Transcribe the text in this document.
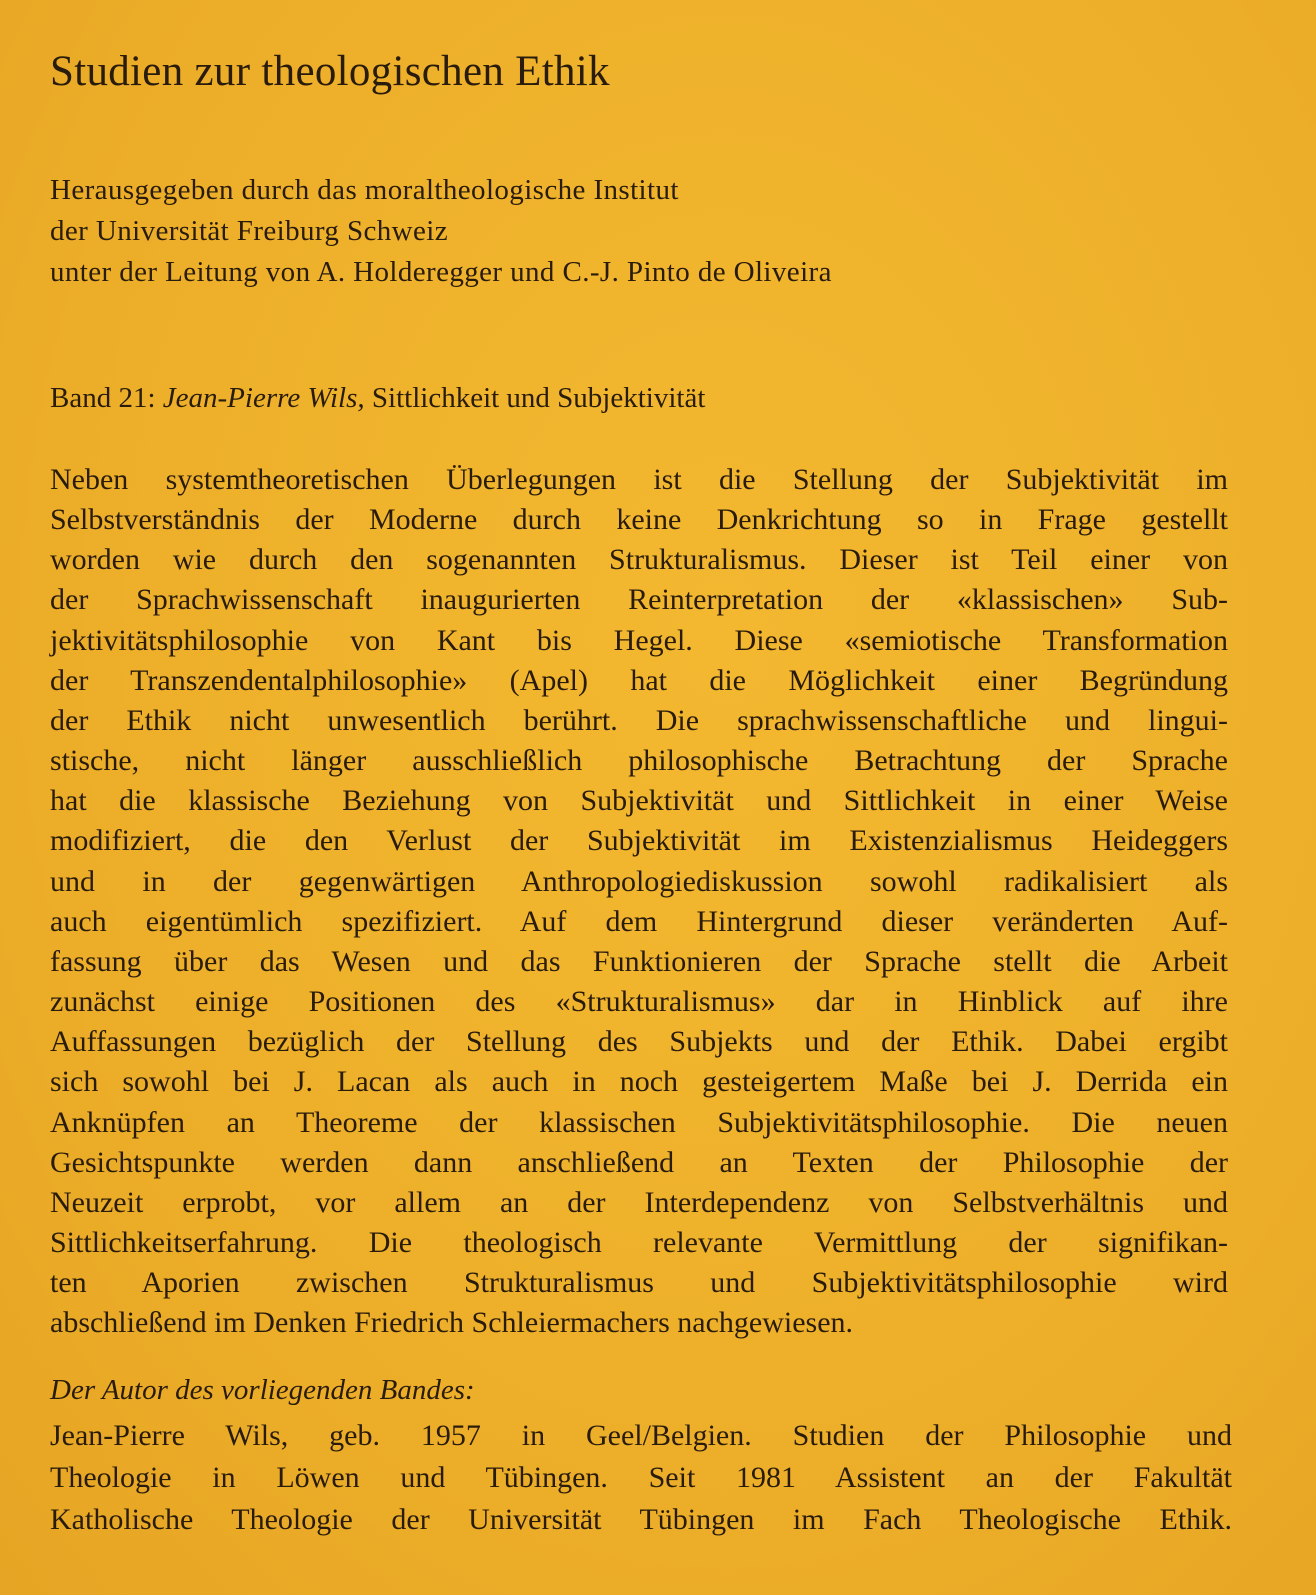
Studien zur theologischen Ethik

Herausgegeben durch das moraltheologische Institut
der Universität Freiburg Schweiz
unter der Leitung von A. Holderegger und C.-J. Pinto de Oliveira

Band 21: Jean-Pierre Wils, Sittlichkeit und Subjektivität

Neben systemtheoretischen Überlegungen ist die Stellung der Subjektivität im
Selbstverständnis der Moderne durch keine Denkrichtung so in Frage gestellt
worden wie durch den sogenannten Strukturalismus. Dieser ist Teil einer von
der Sprachwissenschaft inaugurierten Reinterpretation der «klassischen» Sub-
jektivitätsphilosophie von Kant bis Hegel. Diese «semiotische Transformation
der Transzendentalphilosophie» (Apel) hat die Möglichkeit einer Begründung
der Ethik nicht unwesentlich berührt. Die sprachwissenschaftliche und lingui-
stische, nicht länger ausschließlich philosophische Betrachtung der Sprache
hat die klassische Beziehung von Subjektivität und Sittlichkeit in einer Weise
modifiziert, die den Verlust der Subjektivität im Existenzialismus Heideggers
und in der gegenwärtigen Anthropologiediskussion sowohl radikalisiert als
auch eigentümlich spezifiziert. Auf dem Hintergrund dieser veränderten Auf-
fassung über das Wesen und das Funktionieren der Sprache stellt die Arbeit
zunächst einige Positionen des «Strukturalismus» dar in Hinblick auf ihre
Auffassungen bezüglich der Stellung des Subjekts und der Ethik. Dabei ergibt
sich sowohl bei J. Lacan als auch in noch gesteigertem Maße bei J. Derrida ein
Anknüpfen an Theoreme der klassischen Subjektivitätsphilosophie. Die neuen
Gesichtspunkte werden dann anschließend an Texten der Philosophie der
Neuzeit erprobt, vor allem an der Interdependenz von Selbstverhältnis und
Sittlichkeitserfahrung. Die theologisch relevante Vermittlung der signifikan-
ten Aporien zwischen Strukturalismus und Subjektivitätsphilosophie wird
abschließend im Denken Friedrich Schleiermachers nachgewiesen.

Der Autor des vorliegenden Bandes:

Jean-Pierre Wils, geb. 1957 in Geel/Belgien. Studien der Philosophie und
Theologie in Löwen und Tübingen. Seit 1981 Assistent an der Fakultät
Katholische Theologie der Universität Tübingen im Fach Theologische Ethik.
